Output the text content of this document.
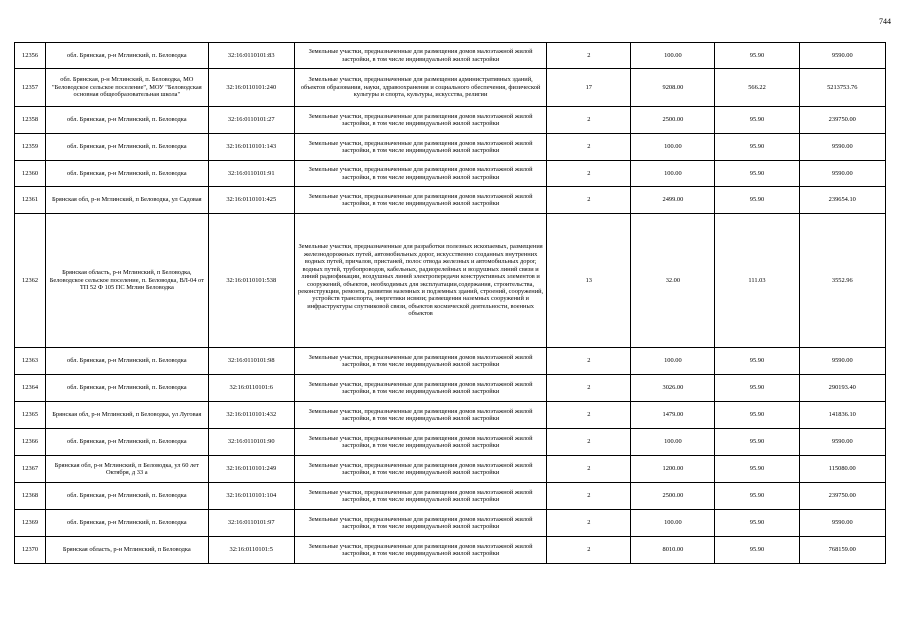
744
12356	обл. Брянская, р-н Мглинский, п. Беловодка	32:16:0110101:83	Земельные участки, предназначенные для размещения домов малоэтажной жилой застройки, в том числе индивидуальной жилой застройки	2	100.00	95.90	9590.00
12357	обл. Брянская, р-н Мглинский, п. Беловодка, МО "Беловодское сельское поселение", МОУ "Беловодская основная общеобразовательная школа"	32:16:0110101:240	Земельные участки, предназначенные для размещения административных зданий, объектов образования, науки, здравоохранения и социального обеспечения, физической культуры и спорта, культуры, искусства, религии	17	9208.00	566.22	5213753.76
12358	обл. Брянская, р-н Мглинский, п. Беловодка	32:16:0110101:27	Земельные участки, предназначенные для размещения домов малоэтажной жилой застройки, в том числе индивидуальной жилой застройки	2	2500.00	95.90	239750.00
12359	обл. Брянская, р-н Мглинский, п. Беловодка	32:16:0110101:143	Земельные участки, предназначенные для размещения домов малоэтажной жилой застройки, в том числе индивидуальной жилой застройки	2	100.00	95.90	9590.00
12360	обл. Брянская, р-н Мглинский, п. Беловодка	32:16:0110101:91	Земельные участки, предназначенные для размещения домов малоэтажной жилой застройки, в том числе индивидуальной жилой застройки	2	100.00	95.90	9590.00
12361	Брянская обл, р-н Мглинский, п Беловодка, ул Садовая	32:16:0110101:425	Земельные участки, предназначенные для размещения домов малоэтажной жилой застройки, в том числе индивидуальной жилой застройки	2	2499.00	95.90	239654.10
12362	Брянская область, р-н Мглинский, п Беловодка, Беловодское сельское поселение, п. Беловодка, ВЛ-04 от ТП 52 Ф 105 ПС Мглин Беловодка	32:16:0110101:538	Земельные участки, предназначенные для разработки полезных ископаемых, размещения железнодорожных путей, автомобильных дорог, искусственно созданных внутренних водных путей, причалов, пристаней, полос отвода железных и автомобильных дорог, водных путей, трубопроводов, кабельных, радиорелейных и воздушных линий связи и линий радиофикации, воздушных линий электропередачи конструктивных элементов и сооружений, объектов, необходимых для эксплуатации,содержания, строительства, реконструкции, ремонта, развития наземных и подземных зданий, строений, сооружений, устройств транспорта, энергетики исвязи; размещения наземных сооружений и инфраструктуры спутниковой связи, объектов космической деятельности, военных объектов	13	32.00	111.03	3552.96
12363	обл. Брянская, р-н Мглинский, п. Беловодка	32:16:0110101:98	Земельные участки, предназначенные для размещения домов малоэтажной жилой застройки, в том числе индивидуальной жилой застройки	2	100.00	95.90	9590.00
12364	обл. Брянская, р-н Мглинский, п. Беловодка	32:16:0110101:6	Земельные участки, предназначенные для размещения домов малоэтажной жилой застройки, в том числе индивидуальной жилой застройки	2	3026.00	95.90	290193.40
12365	Брянская обл, р-н Мглинский, п Беловодка, ул Луговая	32:16:0110101:432	Земельные участки, предназначенные для размещения домов малоэтажной жилой застройки, в том числе индивидуальной жилой застройки	2	1479.00	95.90	141836.10
12366	обл. Брянская, р-н Мглинский, п. Беловодка	32:16:0110101:90	Земельные участки, предназначенные для размещения домов малоэтажной жилой застройки, в том числе индивидуальной жилой застройки	2	100.00	95.90	9590.00
12367	Брянская обл, р-н Мглинский, п Беловодка, ул 60 лет Октября, д 33 а	32:16:0110101:249	Земельные участки, предназначенные для размещения домов малоэтажной жилой застройки, в том числе индивидуальной жилой застройки	2	1200.00	95.90	115080.00
12368	обл. Брянская, р-н Мглинский, п. Беловодка	32:16:0110101:104	Земельные участки, предназначенные для размещения домов малоэтажной жилой застройки, в том числе индивидуальной жилой застройки	2	2500.00	95.90	239750.00
12369	обл. Брянская, р-н Мглинский, п. Беловодка	32:16:0110101:97	Земельные участки, предназначенные для размещения домов малоэтажной жилой застройки, в том числе индивидуальной жилой застройки	2	100.00	95.90	9590.00
12370	Брянская область, р-н Мглинский, п Беловодка	32:16:0110101:5	Земельные участки, предназначенные для размещения домов малоэтажной жилой застройки, в том числе индивидуальной жилой застройки	2	8010.00	95.90	768159.00
